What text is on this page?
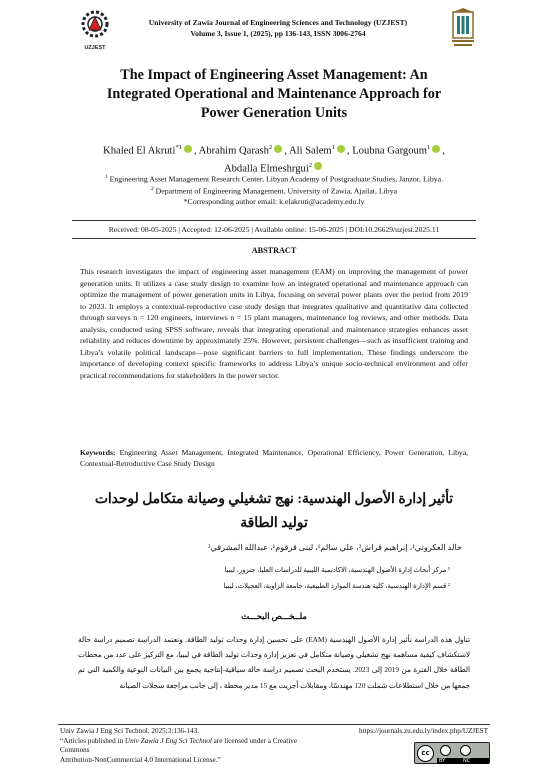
UZJEST
University of Zawia Journal of Engineering Sciences and Technology (UZJEST)
Volume 3, Issue 1, (2025), pp 136-143, ISSN 3006-2764
The Impact of Engineering Asset Management: An
Integrated Operational and Maintenance Approach for
Power Generation Units
Khaled El Akruti$^{*1}$ , Abrahim Qarash$^2$ , Ali Salem$^1$ , Loubna Gargoum$^1$ ,
Abdalla Elmeshrgui$^2$
$^1$ Engineering Asset Management Research Center, Libyan Academy of Postgraduate Studies, Janzor, Libya.
$^2$ Department of Engineering Management, University of Zawia, Ajailat, Libya
*Corresponding author email: k.elakruti@academy.edu.ly
Received: 08-05-2025 | Accepted: 12-06-2025 | Available online: 15-06-2025 | DOI:10.26629/uzjest.2025.11
ABSTRACT
This research investigates the impact of engineering asset management (EAM) on improving the management of power generation units. It utilizes a case study design to examine how an integrated operational and maintenance approach can optimize the management of power generation units in Libya, focusing on several power plants over the period from 2019 to 2023. It employs a contextual-reproductive case study design that integrates qualitative and quantitative data collected through surveys n = 120 engineers, interviews n = 15 plant managers, maintenance log reviews, and other methods. Data analysis, conducted using SPSS software, reveals that integrating operational and maintenance strategies enhances asset reliability and reduces downtime by approximately 25%. However, persistent challenges—such as insufficient training and Libya’s volatile political landscape—pose significant barriers to full implementation. These findings underscore the importance of developing context specific frameworks to address Libya’s unique socio-technical environment and offer practical recommendations for stakeholders in the power sector.
Keywords: Engineering Asset Management, Integrated Maintenance, Operational Efficiency, Power Generation, Libya, Contextual-Retroductive Case Study Design
تأثير إدارة الأصول الهندسية: نهج تشغيلي وصيانة متكامل لوحدات
توليد الطاقة
خالد العكروتي¹، إبراهيم قراش²، علي سالم¹، لبنى قرقوم¹، عبدالله المشرقي²
¹ مركز أبحاث إدارة الأصول الهندسية، الاكاديمية الليبية للدراسات العليا، جنزور، ليبيا
² قسم الإدارة الهندسية، كلية هندسة الموارد الطبيعية، جامعة الزاوية، العجيلات، ليبيا
ملــخـــص البحـــث
تناول هذه الدراسة تأثير إدارة الأصول الهندسية (EAM) على تحسين إدارة وحدات توليد الطاقة. وتعتمد الدراسة تصميم دراسة حالة لاستكشاف كيفية مساهمة نهج تشغيلي وصيانة متكامل في تعزيز إدارة وحدات توليد الطاقة في ليبيا، مع التركيز على عدد من محطات الطاقة خلال الفترة من 2019 إلى 2023. يستخدم البحث تصميم دراسة حالة سياقية-إنتاجية يجمع بين البيانات النوعية والكمية التي تم جمعها من خلال استطلاعات شملت 120 مهندسًا، ومقابلات أجريت مع 15 مدير محطة ، إلى جانب مراجعة سجلات الصيانة
Univ Zawia J Eng Sci Technol. 2025;3:136-143.
“Articles published in Univ Zawia J Eng Sci Technol are licensed under a Creative Commons
Attribution-NonCommercial 4.0 International License.”
https://journals.zu.edu.ly/index.php/UZJEST
cc
BY	NC
